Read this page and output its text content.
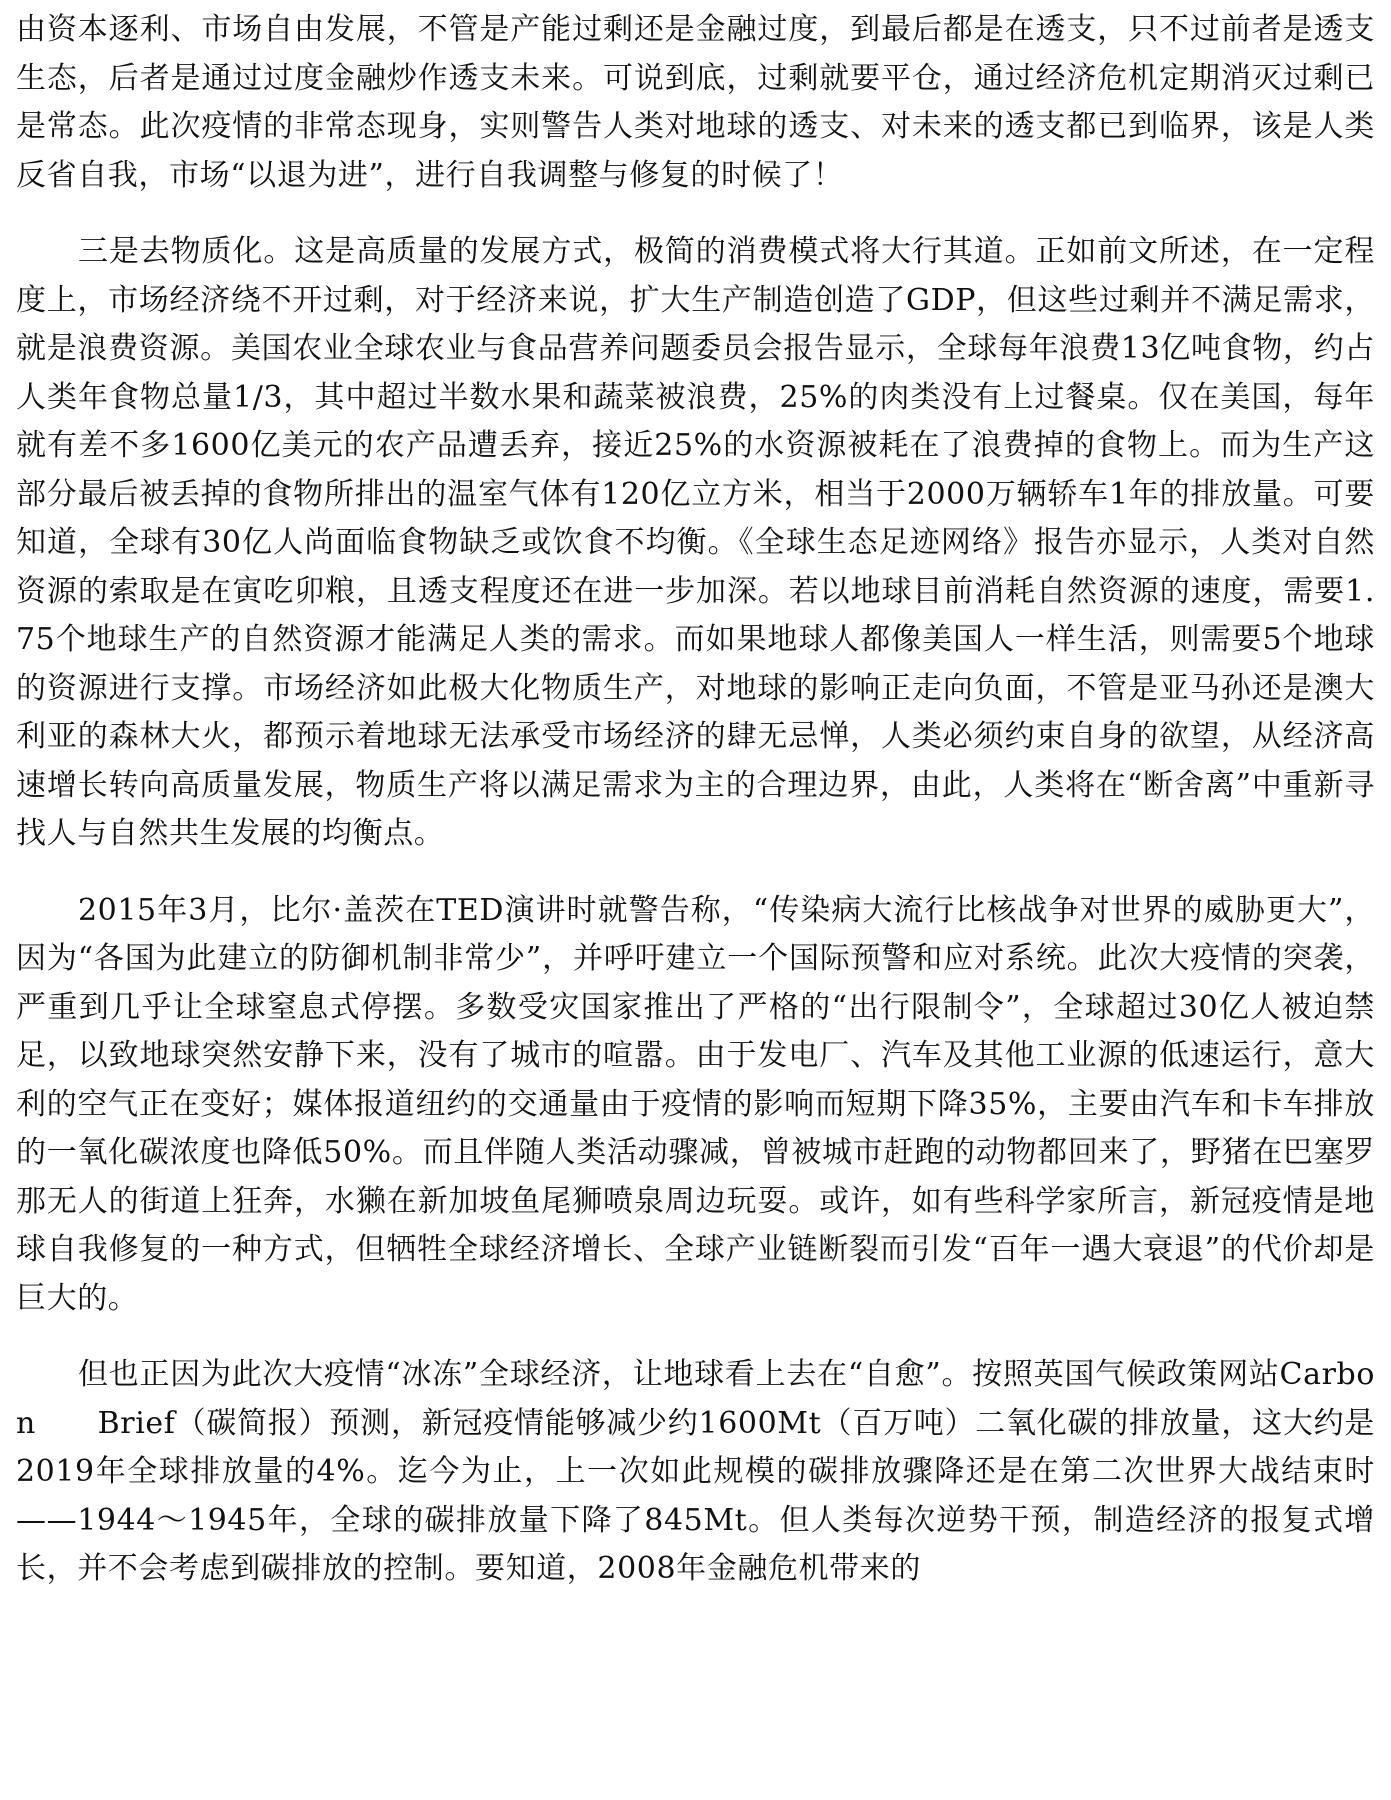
由资本逐利、市场自由发展，不管是产能过剩还是金融过度，到最后都是在透支，只不过前者是透支生态，后者是通过过度金融炒作透支未来。可说到底，过剩就要平仓，通过经济危机定期消灭过剩已是常态。此次疫情的非常态现身，实则警告人类对地球的透支、对未来的透支都已到临界，该是人类反省自我，市场“以退为进”，进行自我调整与修复的时候了！

三是去物质化。这是高质量的发展方式，极简的消费模式将大行其道。正如前文所述，在一定程度上，市场经济绕不开过剩，对于经济来说，扩大生产制造创造了GDP，但这些过剩并不满足需求，就是浪费资源。美国农业全球农业与食品营养问题委员会报告显示，全球每年浪费13亿吨食物，约占人类年食物总量1/3，其中超过半数水果和蔬菜被浪费，25%的肉类没有上过餐桌。仅在美国，每年就有差不多1600亿美元的农产品遭丢弃，接近25%的水资源被耗在了浪费掉的食物上。而为生产这部分最后被丢掉的食物所排出的温室气体有120亿立方米，相当于2000万辆轿车1年的排放量。可要知道，全球有30亿人尚面临食物缺乏或饮食不均衡。《全球生态足迹网络》报告亦显示，人类对自然资源的索取是在寅吃卯粮，且透支程度还在进一步加深。若以地球目前消耗自然资源的速度，需要1.75个地球生产的自然资源才能满足人类的需求。而如果地球人都像美国人一样生活，则需要5个地球的资源进行支撑。市场经济如此极大化物质生产，对地球的影响正走向负面，不管是亚马孙还是澳大利亚的森林大火，都预示着地球无法承受市场经济的肆无忌惮，人类必须约束自身的欲望，从经济高速增长转向高质量发展，物质生产将以满足需求为主的合理边界，由此，人类将在“断舍离”中重新寻找人与自然共生发展的均衡点。

2015年3月，比尔·盖茨在TED演讲时就警告称，“传染病大流行比核战争对世界的威胁更大”，因为“各国为此建立的防御机制非常少”，并呼吁建立一个国际预警和应对系统。此次大疫情的突袭，严重到几乎让全球窒息式停摆。多数受灾国家推出了严格的“出行限制令”，全球超过30亿人被迫禁足，以致地球突然安静下来，没有了城市的喧嚣。由于发电厂、汽车及其他工业源的低速运行，意大利的空气正在变好；媒体报道纽约的交通量由于疫情的影响而短期下降35%，主要由汽车和卡车排放的一氧化碳浓度也降低50%。而且伴随人类活动骤减，曾被城市赶跑的动物都回来了，野猪在巴塞罗那无人的街道上狂奔，水獭在新加坡鱼尾狮喷泉周边玩耍。或许，如有些科学家所言，新冠疫情是地球自我修复的一种方式，但牺牲全球经济增长、全球产业链断裂而引发“百年一遇大衰退”的代价却是巨大的。

但也正因为此次大疫情“冰冻”全球经济，让地球看上去在“自愈”。按照英国气候政策网站Carbon　　Brief（碳简报）预测，新冠疫情能够减少约1600Mt（百万吨）二氧化碳的排放量，这大约是2019年全球排放量的4%。迄今为止，上一次如此规模的碳排放骤降还是在第二次世界大战结束时——1944～1945年，全球的碳排放量下降了845Mt。但人类每次逆势干预，制造经济的报复式增长，并不会考虑到碳排放的控制。要知道，2008年金融危机带来的
